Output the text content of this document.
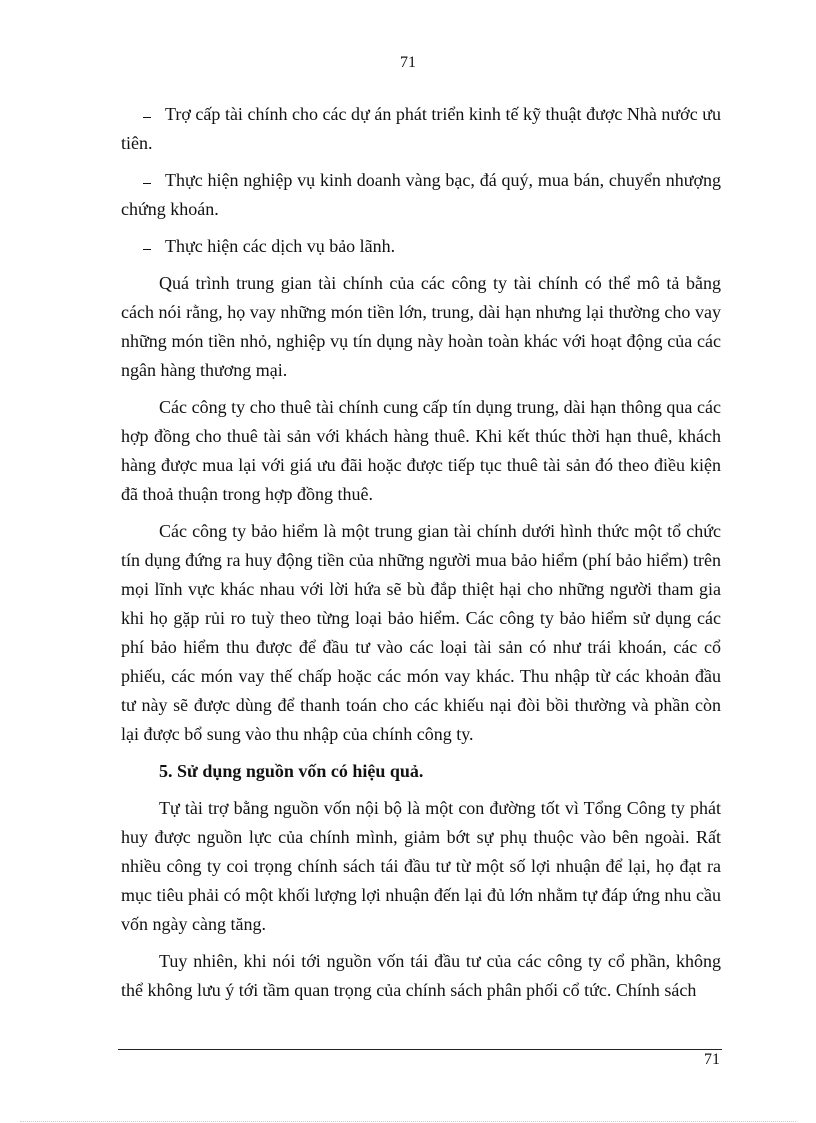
71

Trợ cấp tài chính cho các dự án phát triển kinh tế kỹ thuật được Nhà nước ưu tiên.

Thực hiện nghiệp vụ kinh doanh vàng bạc, đá quý, mua bán, chuyển nhượng chứng khoán.

Thực hiện các dịch vụ bảo lãnh.

Quá trình trung gian tài chính của các công ty tài chính có thể mô tả bằng cách nói rằng, họ vay những món tiền lớn, trung, dài hạn nhưng lại thường cho vay những món tiền nhỏ, nghiệp vụ tín dụng này hoàn toàn khác với hoạt động của các ngân hàng thương mại.

Các công ty cho thuê tài chính cung cấp tín dụng trung, dài hạn thông qua các hợp đồng cho thuê tài sản với khách hàng thuê. Khi kết thúc thời hạn thuê, khách hàng được mua lại với giá ưu đãi hoặc được tiếp tục thuê tài sản đó theo điều kiện đã thoả thuận trong hợp đồng thuê.

Các công ty bảo hiểm là một trung gian tài chính dưới hình thức một tổ chức tín dụng đứng ra huy động tiền của những người mua bảo hiểm (phí bảo hiểm) trên mọi lĩnh vực khác nhau với lời hứa sẽ bù đắp thiệt hại cho những người tham gia khi họ gặp rủi ro tuỳ theo từng loại bảo hiểm. Các công ty bảo hiểm sử dụng các phí bảo hiểm thu được để đầu tư vào các loại tài sản có như trái khoán, các cổ phiếu, các món vay thế chấp hoặc các món vay khác. Thu nhập từ các khoản đầu tư này sẽ được dùng để thanh toán cho các khiếu nại đòi bồi thường và phần còn lại được bổ sung vào thu nhập của chính công ty.

5. Sử dụng nguồn vốn có hiệu quả.

Tự tài trợ bằng nguồn vốn nội bộ là một con đường tốt vì Tổng Công ty phát huy được nguồn lực của chính mình, giảm bớt sự phụ thuộc vào bên ngoài. Rất nhiều công ty coi trọng chính sách tái đầu tư từ một số lợi nhuận để lại, họ đạt ra mục tiêu phải có một khối lượng lợi nhuận đến lại đủ lớn nhằm tự đáp ứng nhu cầu vốn ngày càng tăng.

Tuy nhiên, khi nói tới nguồn vốn tái đầu tư của các công ty cổ phần, không thể không lưu ý tới tầm quan trọng của chính sách phân phối cổ tức. Chính sách

71
